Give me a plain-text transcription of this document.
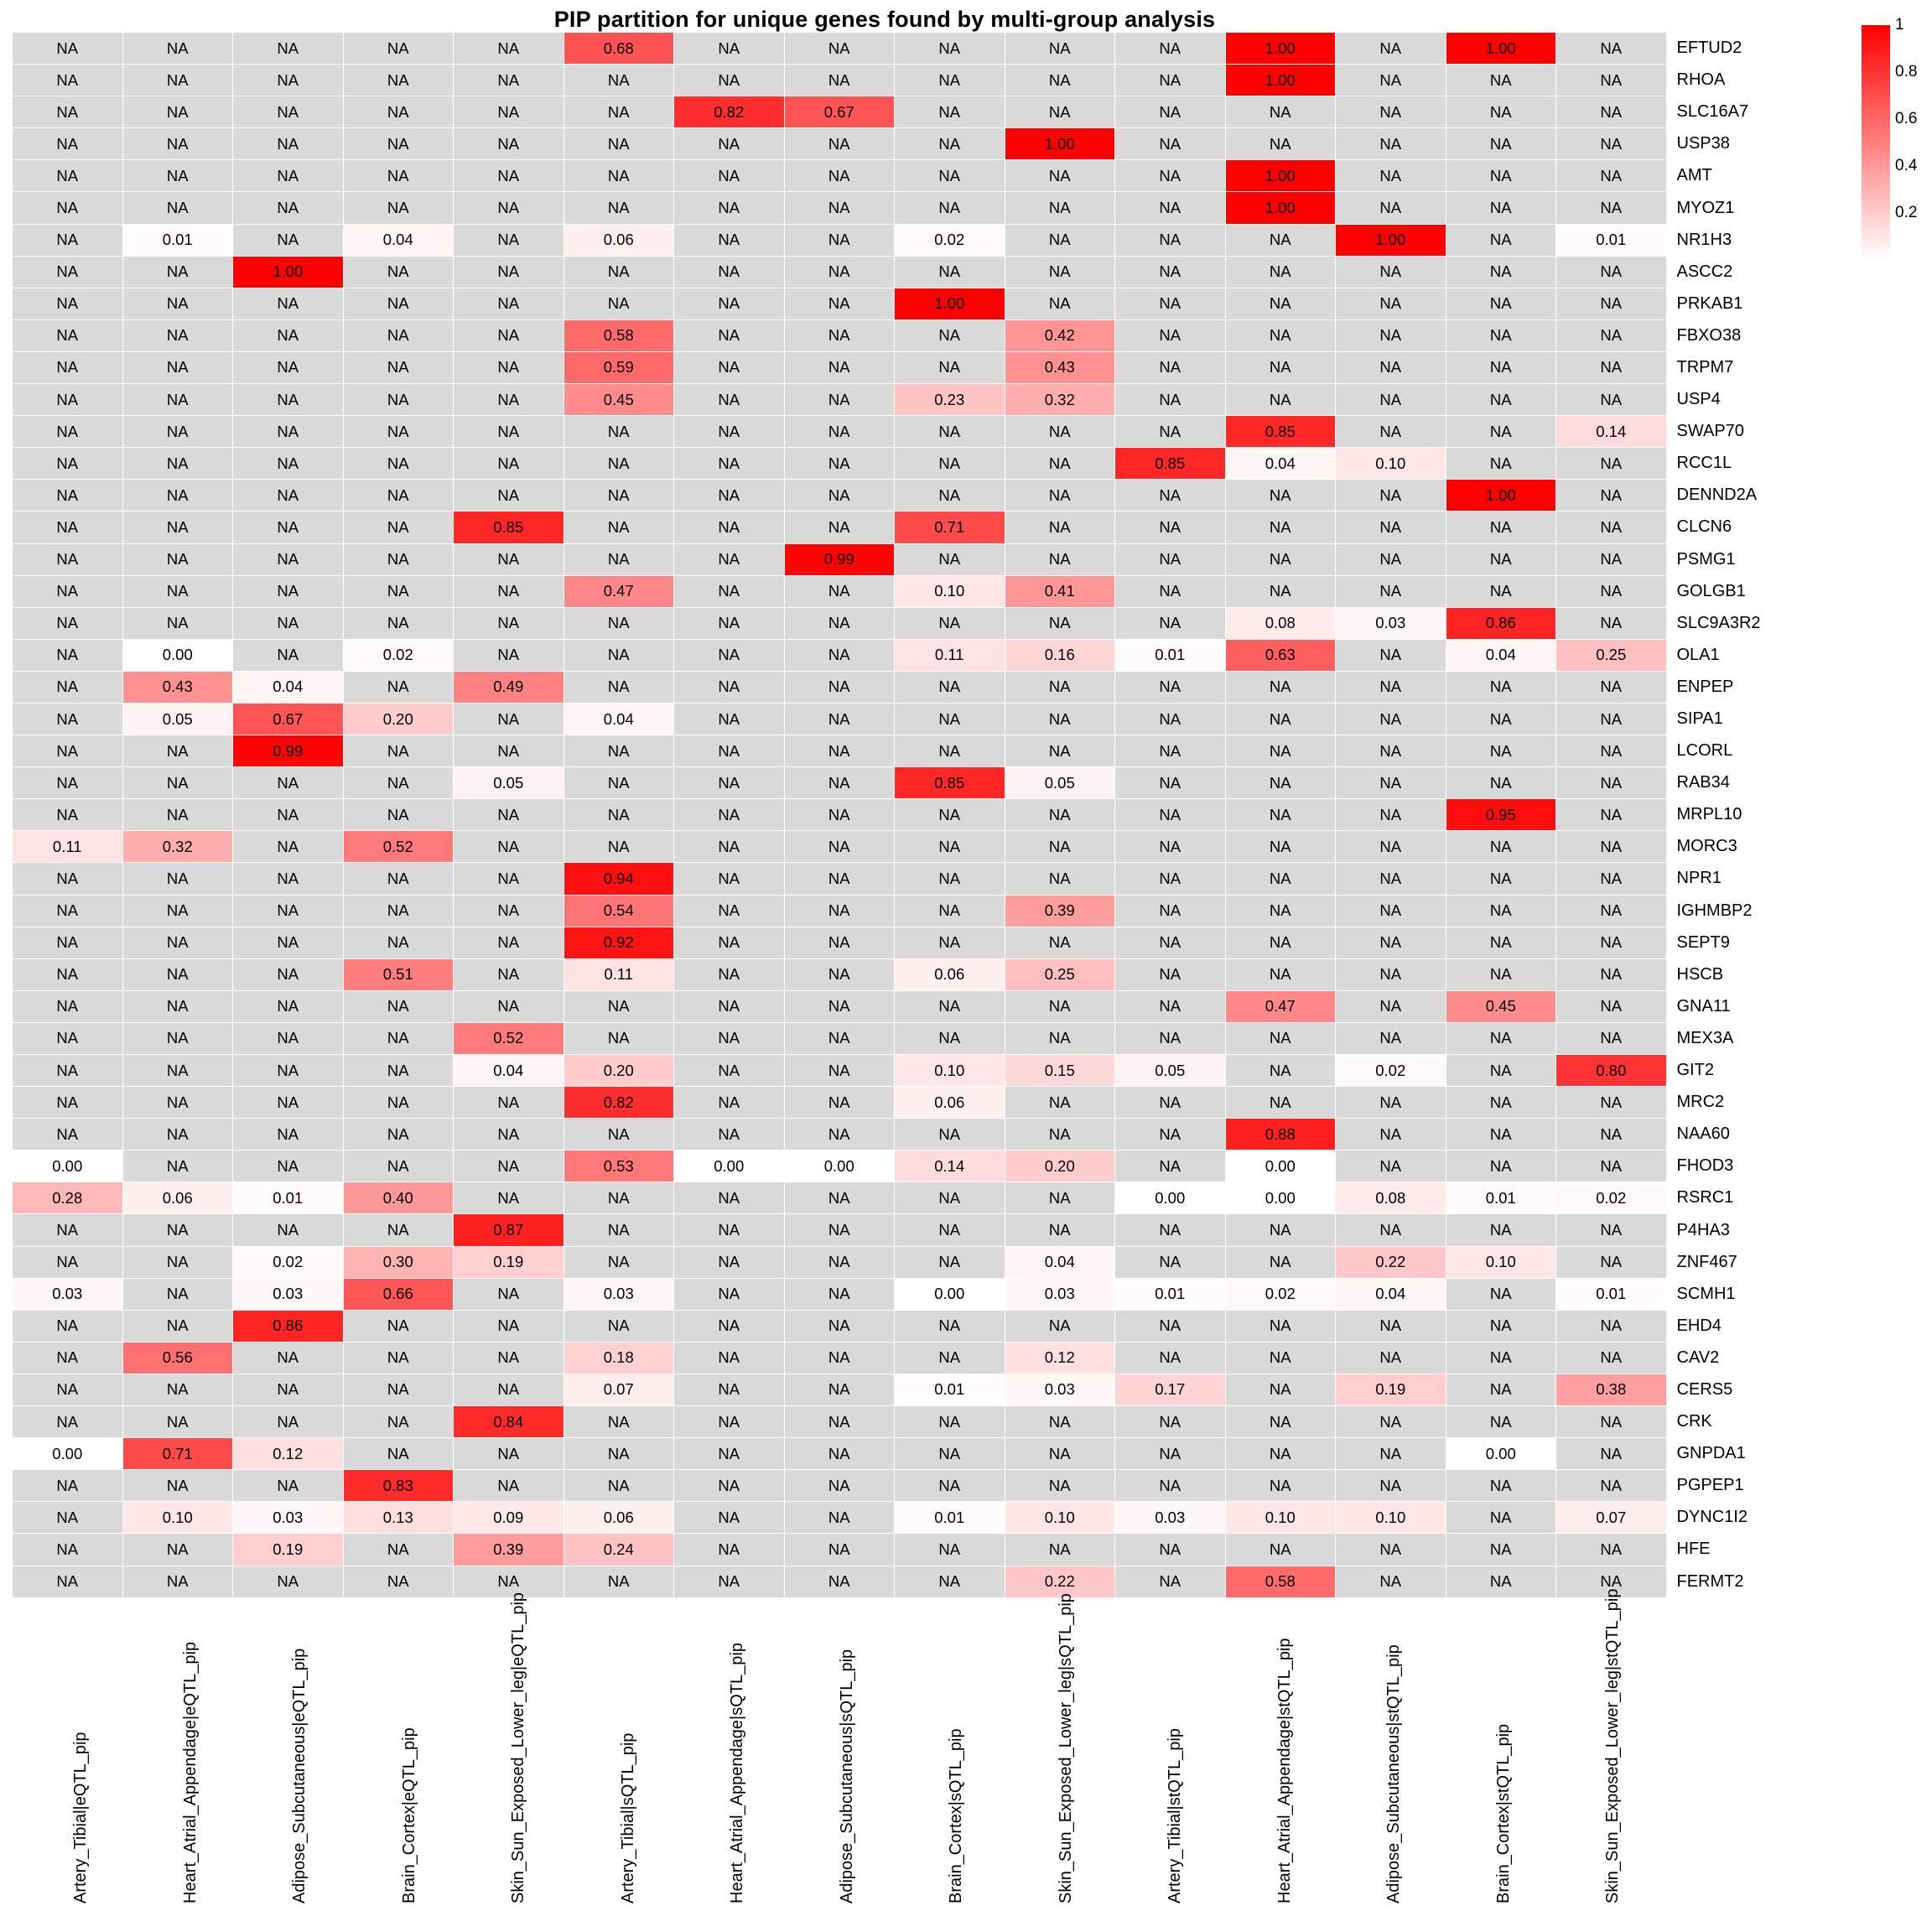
PIP partition for unique genes found by multi-group analysis
NA	NA	NA	NA	NA	0.68	NA	NA	NA	NA	NA	1.00	NA	1.00	NA	EFTUD2
NA	NA	NA	NA	NA	NA	NA	NA	NA	NA	NA	1.00	NA	NA	NA	RHOA
NA	NA	NA	NA	NA	NA	0.82	0.67	NA	NA	NA	NA	NA	NA	NA	SLC16A7
NA	NA	NA	NA	NA	NA	NA	NA	NA	1.00	NA	NA	NA	NA	NA	USP38
NA	NA	NA	NA	NA	NA	NA	NA	NA	NA	NA	1.00	NA	NA	NA	AMT
NA	NA	NA	NA	NA	NA	NA	NA	NA	NA	NA	1.00	NA	NA	NA	MYOZ1
NA	0.01	NA	0.04	NA	0.06	NA	NA	0.02	NA	NA	NA	1.00	NA	0.01	NR1H3
NA	NA	1.00	NA	NA	NA	NA	NA	NA	NA	NA	NA	NA	NA	NA	ASCC2
NA	NA	NA	NA	NA	NA	NA	NA	1.00	NA	NA	NA	NA	NA	NA	PRKAB1
NA	NA	NA	NA	NA	0.58	NA	NA	NA	0.42	NA	NA	NA	NA	NA	FBXO38
NA	NA	NA	NA	NA	0.59	NA	NA	NA	0.43	NA	NA	NA	NA	NA	TRPM7
NA	NA	NA	NA	NA	0.45	NA	NA	0.23	0.32	NA	NA	NA	NA	NA	USP4
NA	NA	NA	NA	NA	NA	NA	NA	NA	NA	NA	0.85	NA	NA	0.14	SWAP70
NA	NA	NA	NA	NA	NA	NA	NA	NA	NA	0.85	0.04	0.10	NA	NA	RCC1L
NA	NA	NA	NA	NA	NA	NA	NA	NA	NA	NA	NA	NA	1.00	NA	DENND2A
NA	NA	NA	NA	0.85	NA	NA	NA	0.71	NA	NA	NA	NA	NA	NA	CLCN6
NA	NA	NA	NA	NA	NA	NA	0.99	NA	NA	NA	NA	NA	NA	NA	PSMG1
NA	NA	NA	NA	NA	0.47	NA	NA	0.10	0.41	NA	NA	NA	NA	NA	GOLGB1
NA	NA	NA	NA	NA	NA	NA	NA	NA	NA	NA	0.08	0.03	0.86	NA	SLC9A3R2
NA	0.00	NA	0.02	NA	NA	NA	NA	0.11	0.16	0.01	0.63	NA	0.04	0.25	OLA1
NA	0.43	0.04	NA	0.49	NA	NA	NA	NA	NA	NA	NA	NA	NA	NA	ENPEP
NA	0.05	0.67	0.20	NA	0.04	NA	NA	NA	NA	NA	NA	NA	NA	NA	SIPA1
NA	NA	0.99	NA	NA	NA	NA	NA	NA	NA	NA	NA	NA	NA	NA	LCORL
NA	NA	NA	NA	0.05	NA	NA	NA	0.85	0.05	NA	NA	NA	NA	NA	RAB34
NA	NA	NA	NA	NA	NA	NA	NA	NA	NA	NA	NA	NA	0.95	NA	MRPL10
0.11	0.32	NA	0.52	NA	NA	NA	NA	NA	NA	NA	NA	NA	NA	NA	MORC3
NA	NA	NA	NA	NA	0.94	NA	NA	NA	NA	NA	NA	NA	NA	NA	NPR1
NA	NA	NA	NA	NA	0.54	NA	NA	NA	0.39	NA	NA	NA	NA	NA	IGHMBP2
NA	NA	NA	NA	NA	0.92	NA	NA	NA	NA	NA	NA	NA	NA	NA	SEPT9
NA	NA	NA	0.51	NA	0.11	NA	NA	0.06	0.25	NA	NA	NA	NA	NA	HSCB
NA	NA	NA	NA	NA	NA	NA	NA	NA	NA	NA	0.47	NA	0.45	NA	GNA11
NA	NA	NA	NA	0.52	NA	NA	NA	NA	NA	NA	NA	NA	NA	NA	MEX3A
NA	NA	NA	NA	0.04	0.20	NA	NA	0.10	0.15	0.05	NA	0.02	NA	0.80	GIT2
NA	NA	NA	NA	NA	0.82	NA	NA	0.06	NA	NA	NA	NA	NA	NA	MRC2
NA	NA	NA	NA	NA	NA	NA	NA	NA	NA	NA	0.88	NA	NA	NA	NAA60
0.00	NA	NA	NA	NA	0.53	0.00	0.00	0.14	0.20	NA	0.00	NA	NA	NA	FHOD3
0.28	0.06	0.01	0.40	NA	NA	NA	NA	NA	NA	0.00	0.00	0.08	0.01	0.02	RSRC1
NA	NA	NA	NA	0.87	NA	NA	NA	NA	NA	NA	NA	NA	NA	NA	P4HA3
NA	NA	0.02	0.30	0.19	NA	NA	NA	NA	0.04	NA	NA	0.22	0.10	NA	ZNF467
0.03	NA	0.03	0.66	NA	0.03	NA	NA	0.00	0.03	0.01	0.02	0.04	NA	0.01	SCMH1
NA	NA	0.86	NA	NA	NA	NA	NA	NA	NA	NA	NA	NA	NA	NA	EHD4
NA	0.56	NA	NA	NA	0.18	NA	NA	NA	0.12	NA	NA	NA	NA	NA	CAV2
NA	NA	NA	NA	NA	0.07	NA	NA	0.01	0.03	0.17	NA	0.19	NA	0.38	CERS5
NA	NA	NA	NA	0.84	NA	NA	NA	NA	NA	NA	NA	NA	NA	NA	CRK
0.00	0.71	0.12	NA	NA	NA	NA	NA	NA	NA	NA	NA	NA	0.00	NA	GNPDA1
NA	NA	NA	0.83	NA	NA	NA	NA	NA	NA	NA	NA	NA	NA	NA	PGPEP1
NA	0.10	0.03	0.13	0.09	0.06	NA	NA	0.01	0.10	0.03	0.10	0.10	NA	0.07	DYNC1I2
NA	NA	0.19	NA	0.39	0.24	NA	NA	NA	NA	NA	NA	NA	NA	NA	HFE
NA	NA	NA	NA	NA	NA	NA	NA	NA	0.22	NA	0.58	NA	NA	NA	FERMT2
Artery_Tibial|eQTL_pip	Heart_Atrial_Appendage|eQTL_pip	Adipose_Subcutaneous|eQTL_pip	Brain_Cortex|eQTL_pip	Skin_Sun_Exposed_Lower_leg|eQTL_pip	Artery_Tibial|sQTL_pip	Heart_Atrial_Appendage|sQTL_pip	Adipose_Subcutaneous|sQTL_pip	Brain_Cortex|sQTL_pip	Skin_Sun_Exposed_Lower_leg|sQTL_pip	Artery_Tibial|stQTL_pip	Heart_Atrial_Appendage|stQTL_pip	Adipose_Subcutaneous|stQTL_pip	Brain_Cortex|stQTL_pip	Skin_Sun_Exposed_Lower_leg|stQTL_pip
1
0.8
0.6
0.4
0.2
